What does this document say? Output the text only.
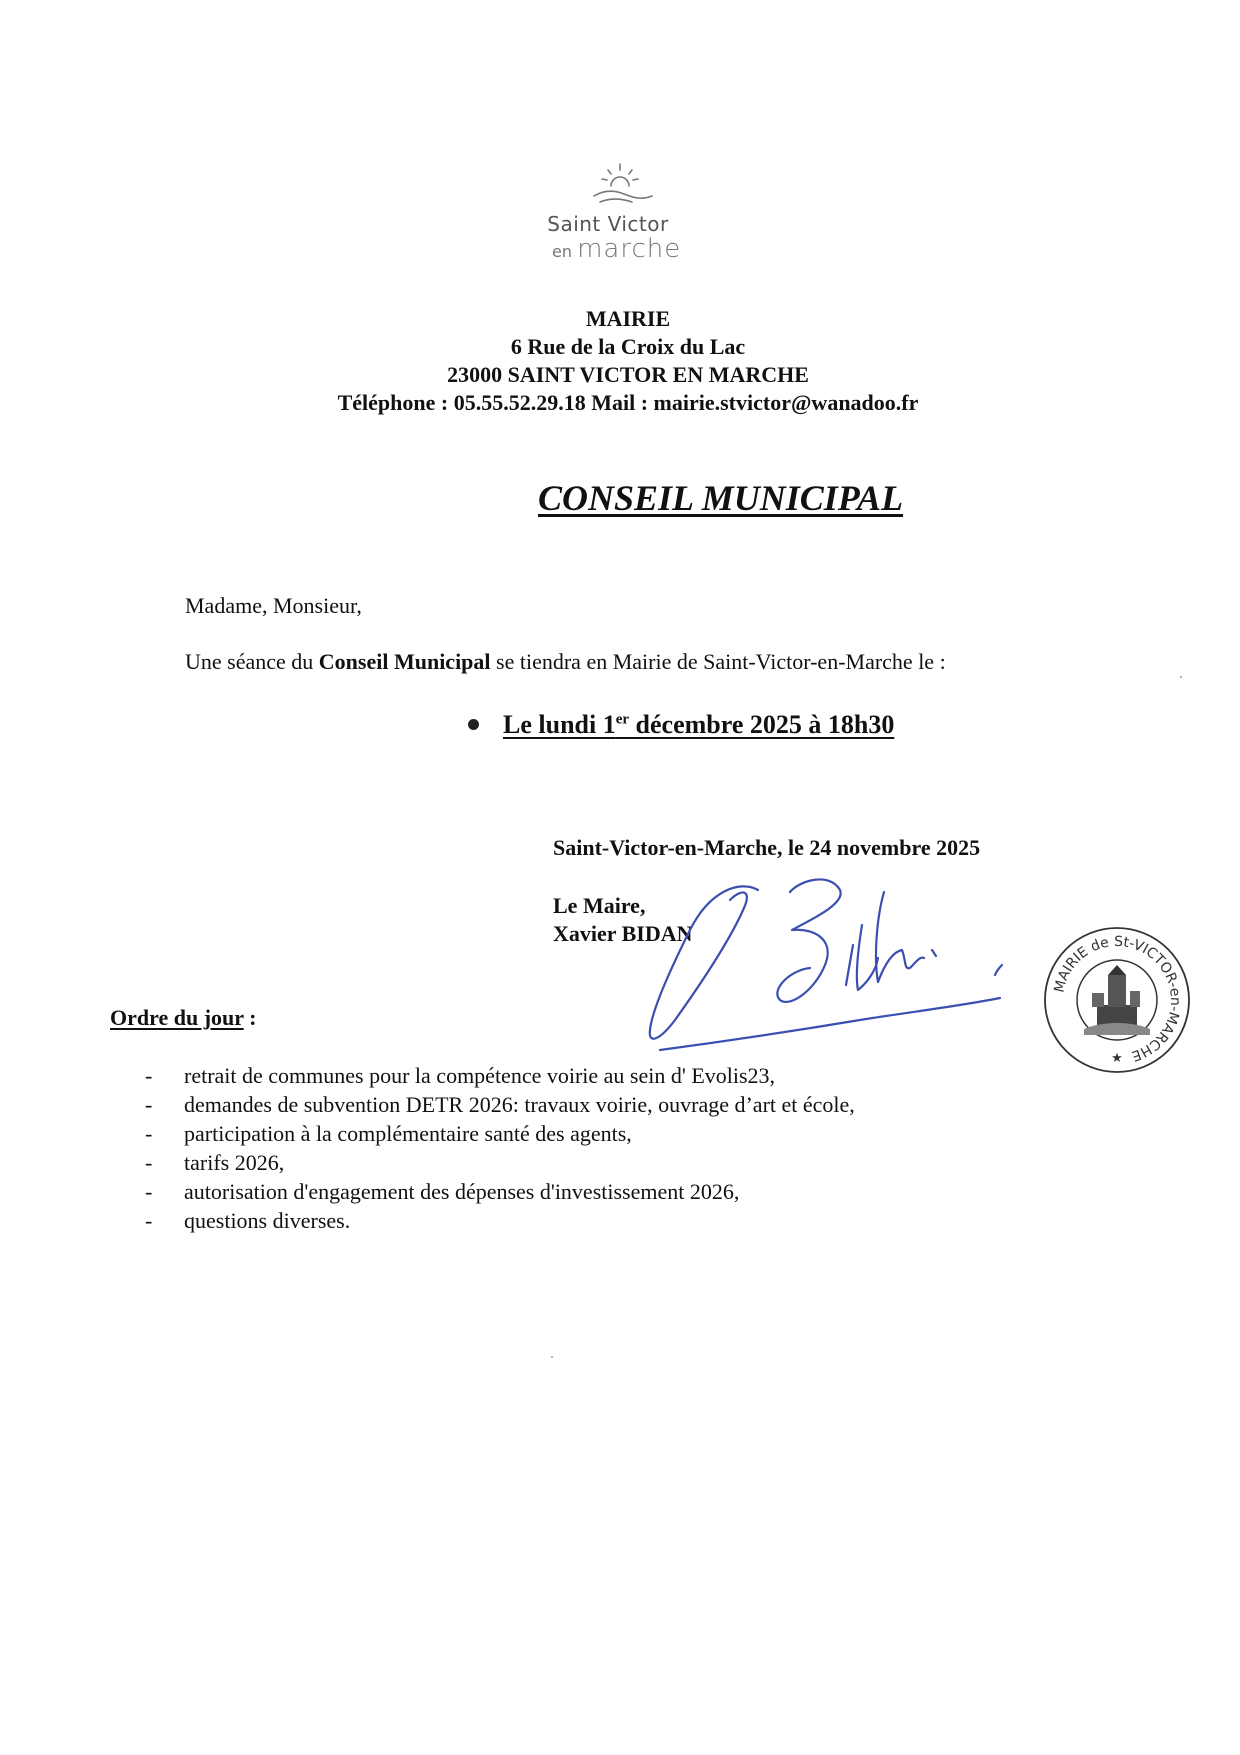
Saint Victor
en marche
MAIRIE
6 Rue de la Croix du Lac
23000 SAINT VICTOR EN MARCHE
Téléphone : 05.55.52.29.18 Mail : mairie.stvictor@wanadoo.fr
CONSEIL MUNICIPAL
Madame, Monsieur,
Une séance du Conseil Municipal se tiendra en Mairie de Saint-Victor-en-Marche le :
Le lundi 1er décembre 2025 à 18h30
Saint-Victor-en-Marche, le 24 novembre 2025
Le Maire,
Xavier BIDAN
MAIRIE de St-VICTOR-en-MARCHE
★
Ordre du jour :
- retrait de communes pour la compétence voirie au sein d' Evolis23,
- demandes de subvention DETR 2026: travaux voirie, ouvrage d’art et école,
- participation à la complémentaire santé des agents,
- tarifs 2026,
- autorisation d'engagement des dépenses d'investissement 2026,
- questions diverses.
